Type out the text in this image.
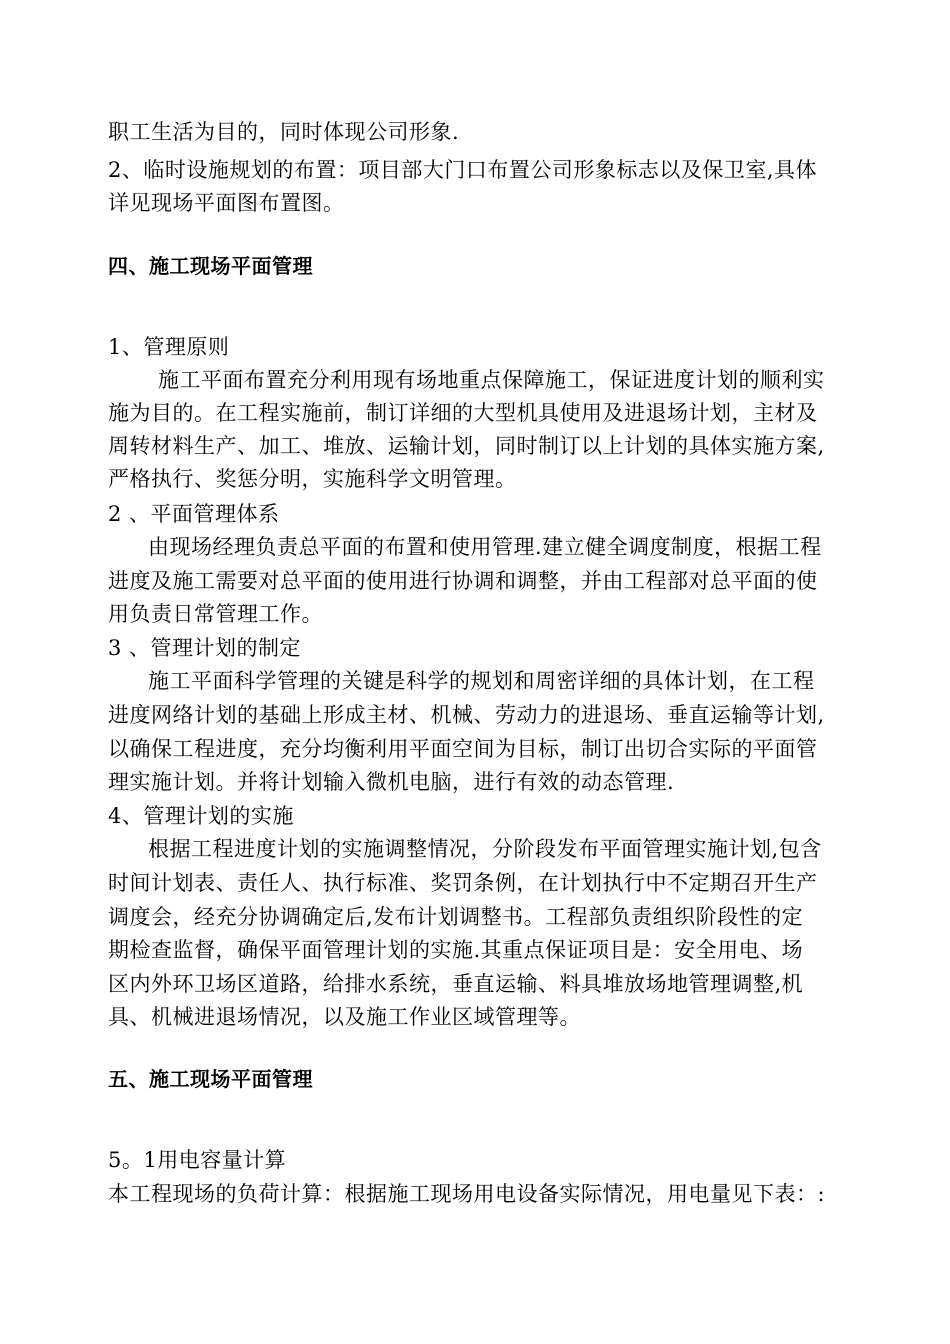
职工生活为目的，同时体现公司形象.
2、临时设施规划的布置：项目部大门口布置公司形象标志以及保卫室,具体
详见现场平面图布置图。
四、施工现场平面管理
1、管理原则
施工平面布置充分利用现有场地重点保障施工，保证进度计划的顺利实
施为目的。在工程实施前，制订详细的大型机具使用及进退场计划，主材及
周转材料生产、加工、堆放、运输计划，同时制订以上计划的具体实施方案,
严格执行、奖惩分明，实施科学文明管理。
2 、平面管理体系
由现场经理负责总平面的布置和使用管理.建立健全调度制度，根据工程
进度及施工需要对总平面的使用进行协调和调整，并由工程部对总平面的使
用负责日常管理工作。
3 、管理计划的制定
施工平面科学管理的关键是科学的规划和周密详细的具体计划，在工程
进度网络计划的基础上形成主材、机械、劳动力的进退场、垂直运输等计划,
以确保工程进度，充分均衡利用平面空间为目标，制订出切合实际的平面管
理实施计划。并将计划输入微机电脑，进行有效的动态管理.
4、管理计划的实施
根据工程进度计划的实施调整情况，分阶段发布平面管理实施计划,包含
时间计划表、责任人、执行标准、奖罚条例，在计划执行中不定期召开生产
调度会，经充分协调确定后,发布计划调整书。工程部负责组织阶段性的定
期检查监督，确保平面管理计划的实施.其重点保证项目是：安全用电、场
区内外环卫场区道路，给排水系统，垂直运输、料具堆放场地管理调整,机
具、机械进退场情况，以及施工作业区域管理等。
五、施工现场平面管理
5。1用电容量计算
本工程现场的负荷计算：根据施工现场用电设备实际情况，用电量见下表：:
